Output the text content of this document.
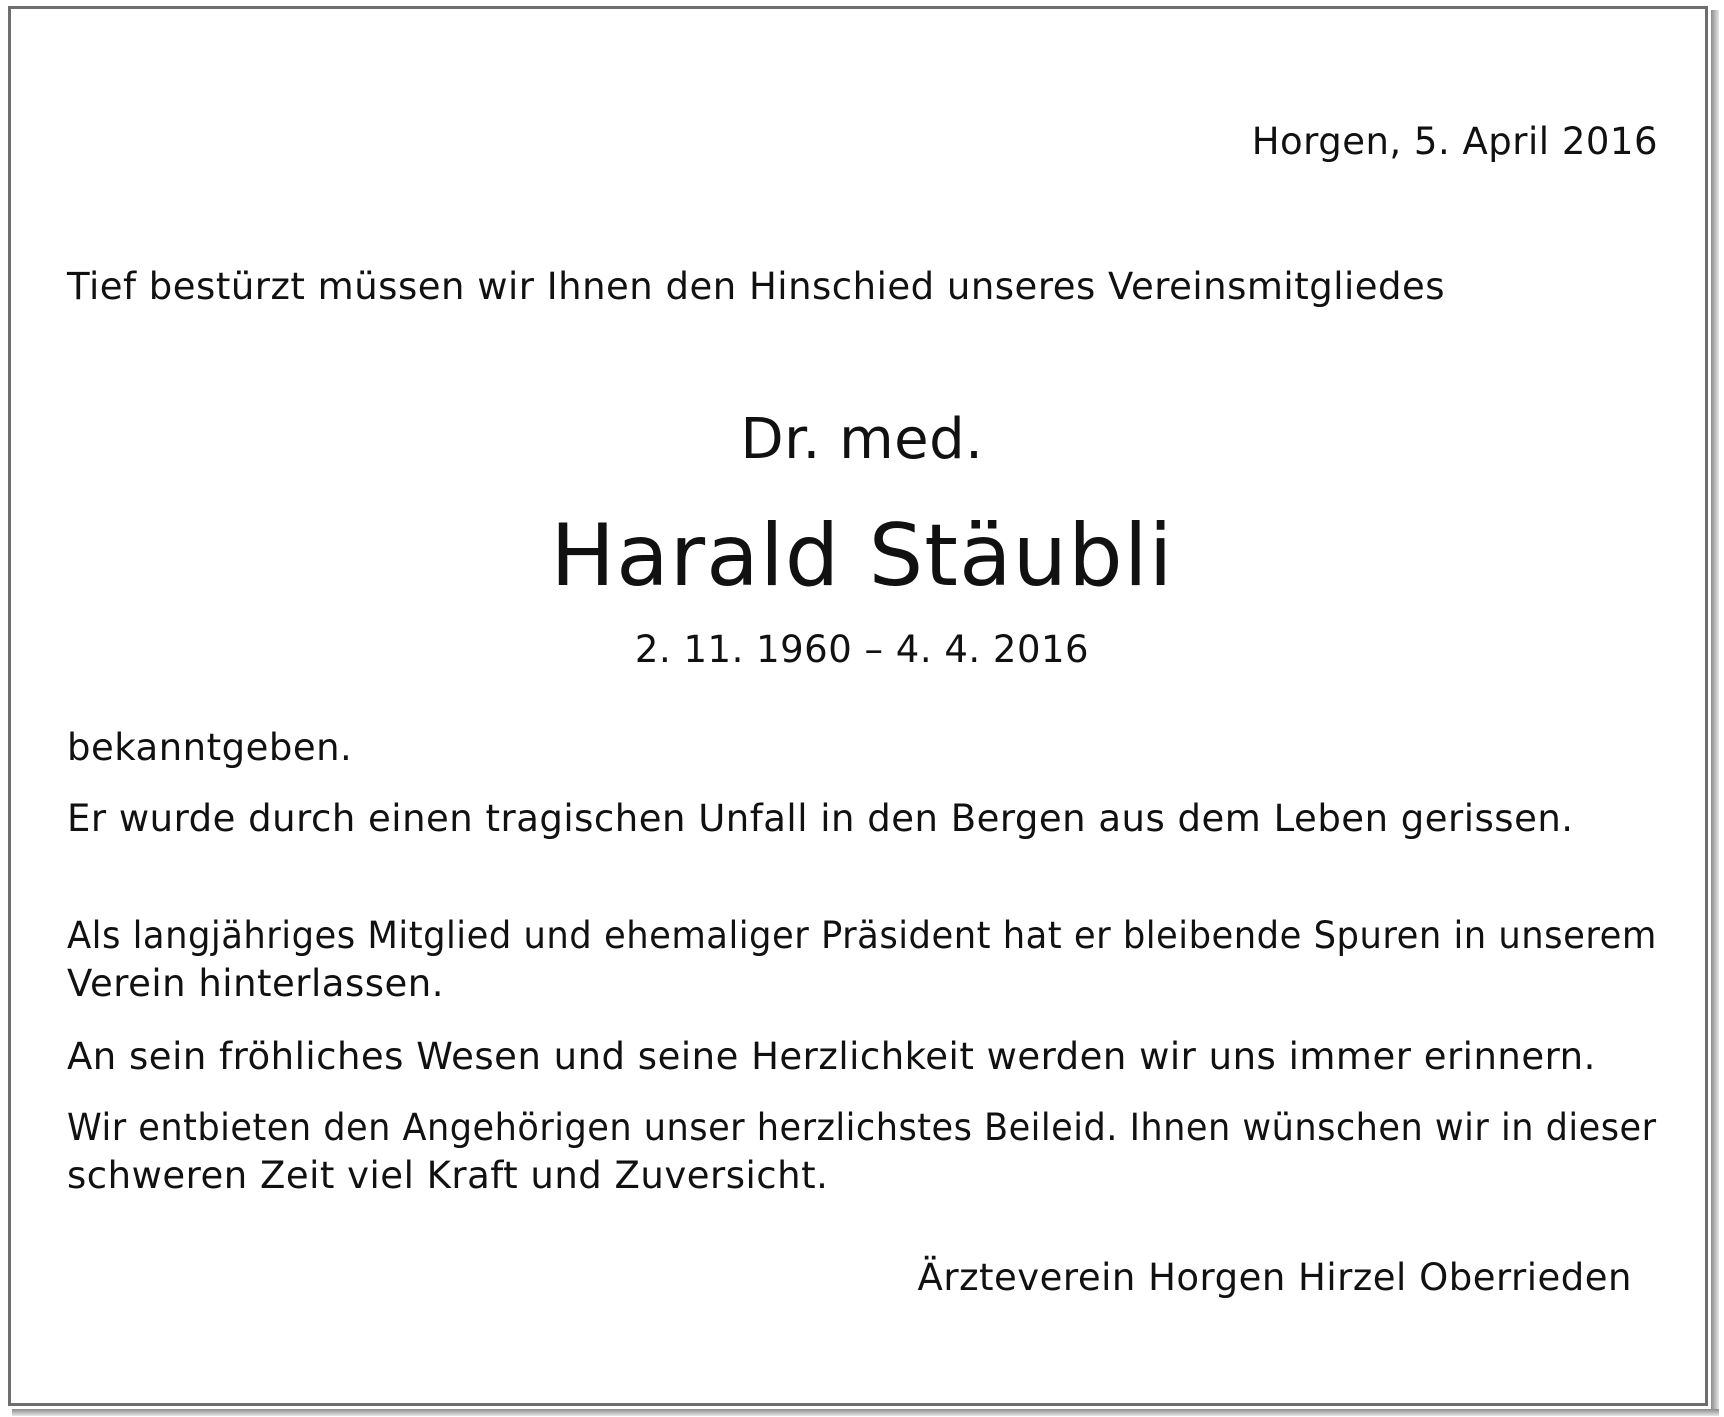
Horgen, 5. April 2016

Tief bestürzt müssen wir Ihnen den Hinschied unseres Vereinsmitgliedes

Dr. med.

Harald Stäubli

2. 11. 1960 – 4. 4. 2016

bekanntgeben.

Er wurde durch einen tragischen Unfall in den Bergen aus dem Leben gerissen.

Als langjähriges Mitglied und ehemaliger Präsident hat er bleibende Spuren in unserem
Verein hinterlassen.

An sein fröhliches Wesen und seine Herzlichkeit werden wir uns immer erinnern.

Wir entbieten den Angehörigen unser herzlichstes Beileid. Ihnen wünschen wir in dieser
schweren Zeit viel Kraft und Zuversicht.

Ärzteverein Horgen Hirzel Oberrieden
